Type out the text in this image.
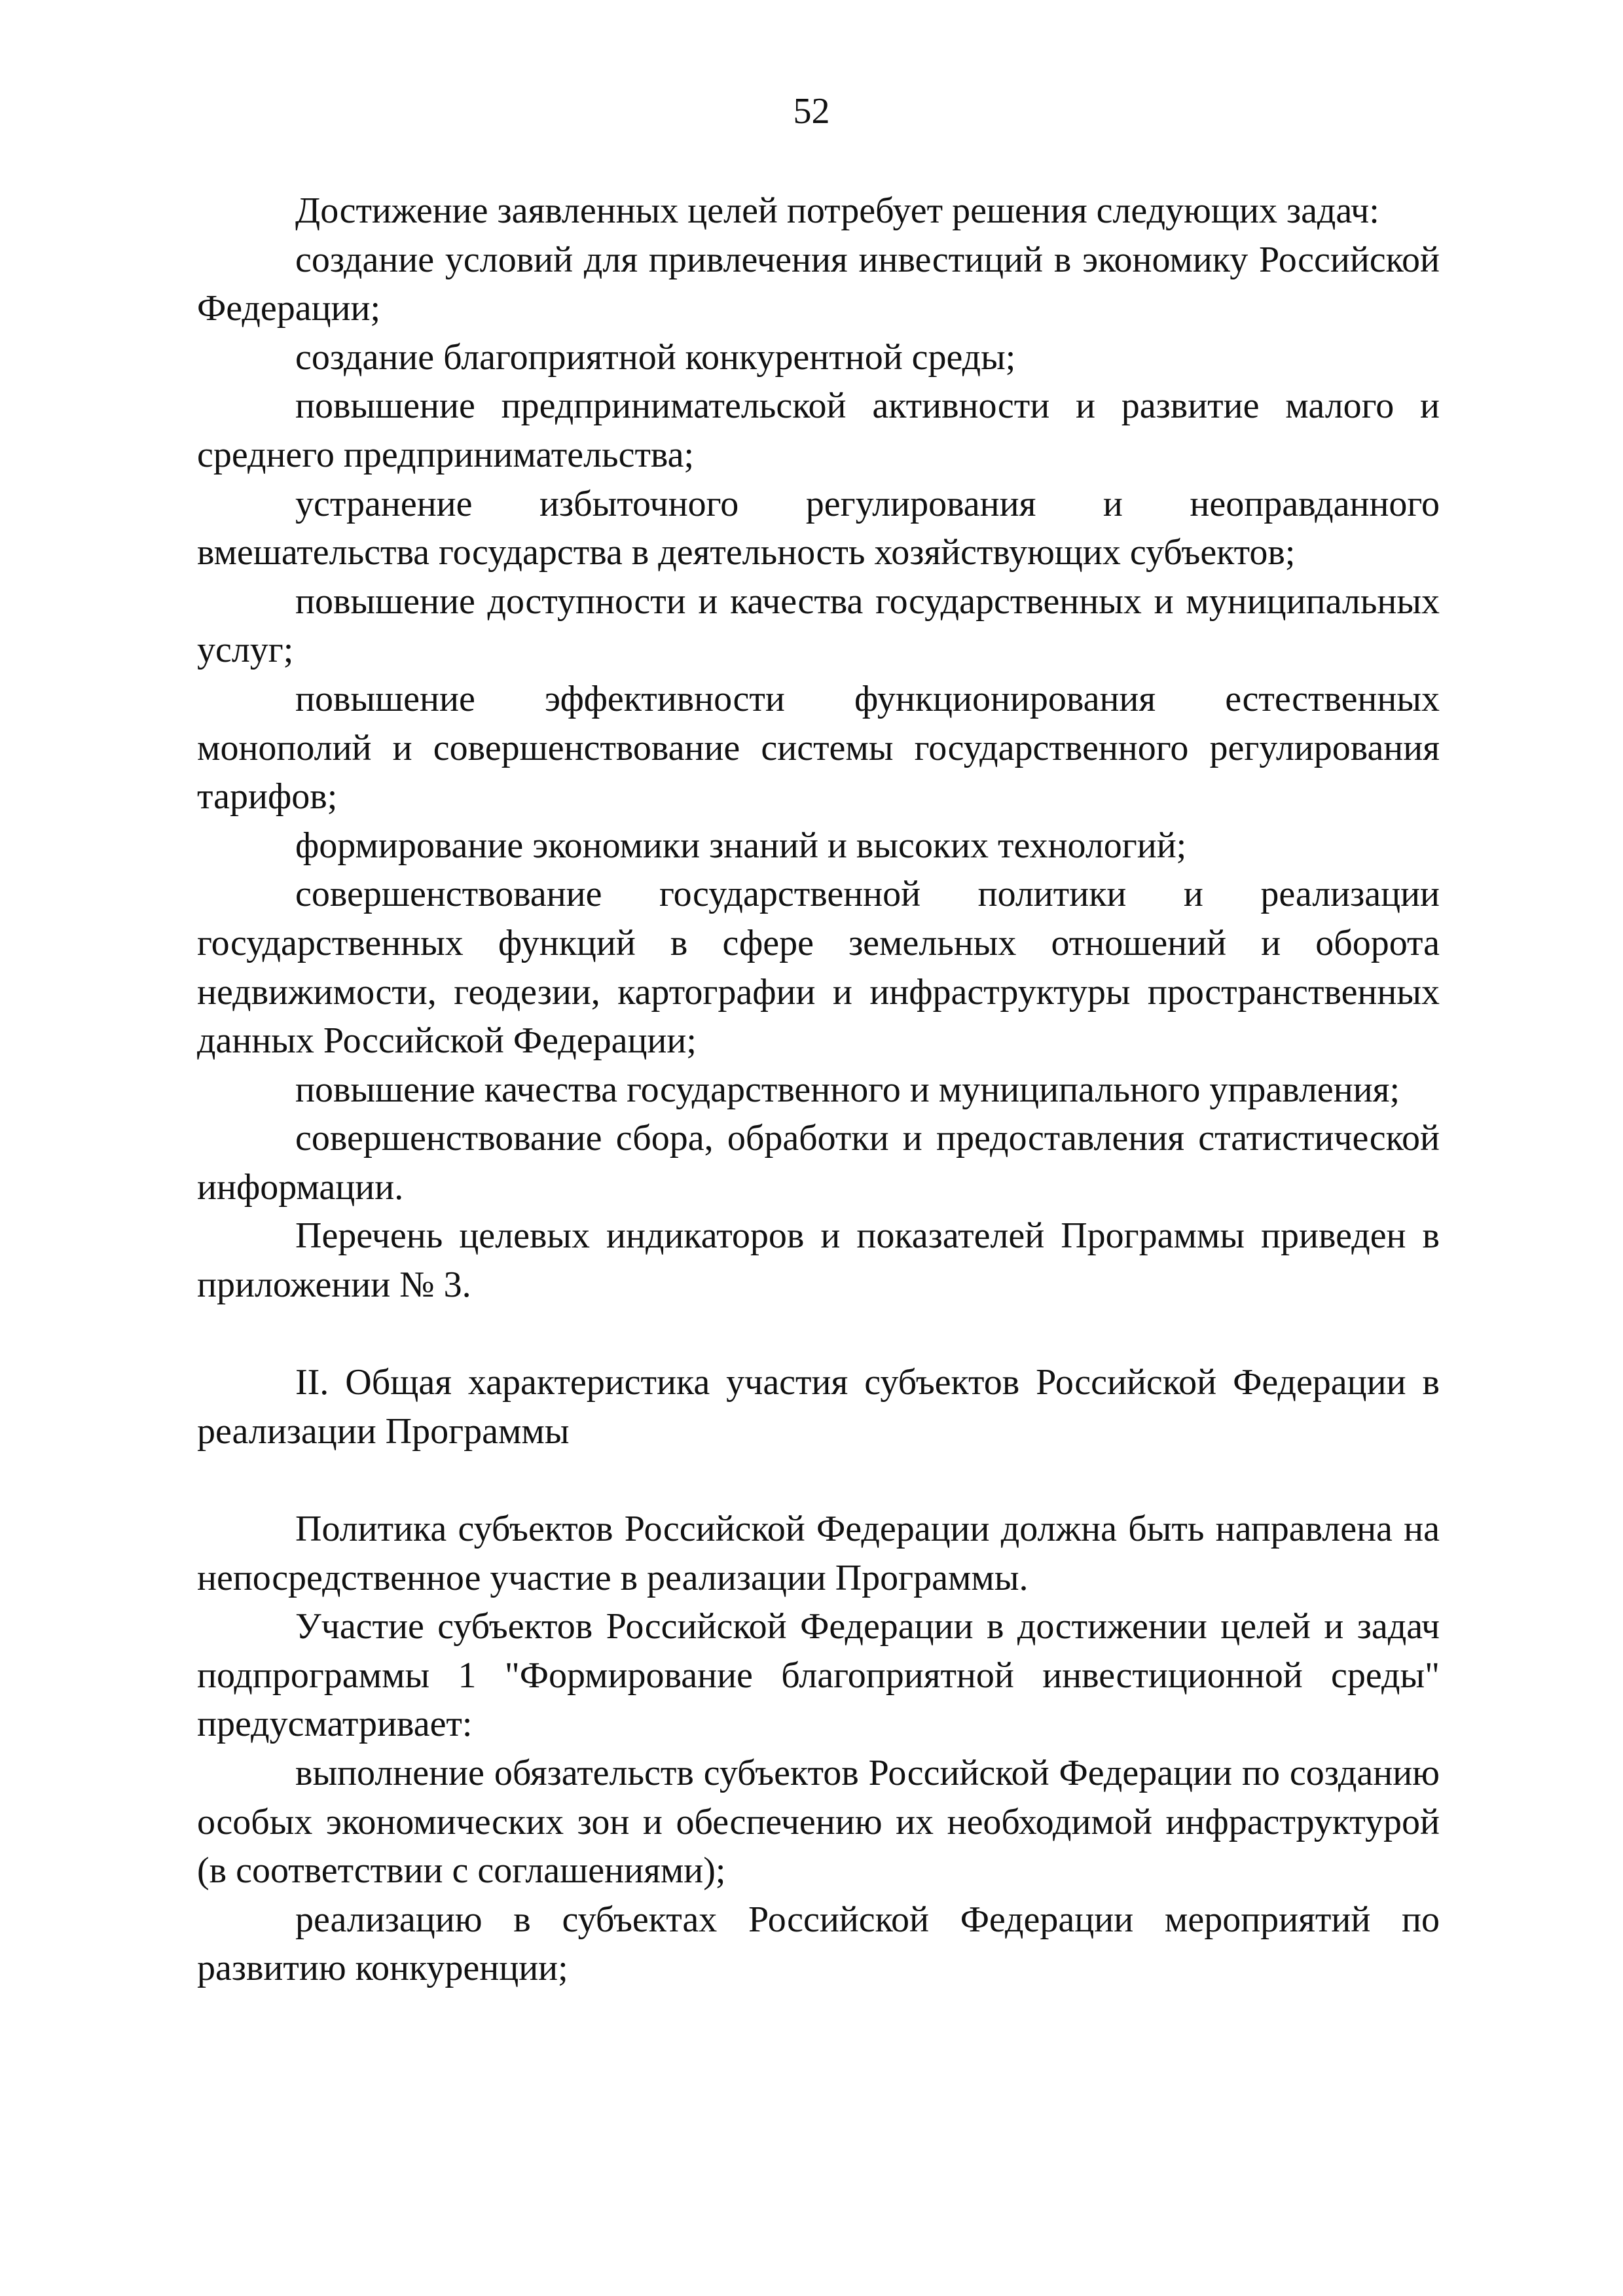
52

Достижение заявленных целей потребует решения следующих задач:

создание условий для привлечения инвестиций в экономику Российской Федерации;

создание благоприятной конкурентной среды;

повышение предпринимательской активности и развитие малого и среднего предпринимательства;

устранение избыточного регулирования и неоправданного вмешательства государства в деятельность хозяйствующих субъектов;

повышение доступности и качества государственных и муниципальных услуг;

повышение эффективности функционирования естественных монополий и совершенствование системы государственного регулирования тарифов;

формирование экономики знаний и высоких технологий;

совершенствование государственной политики и реализации государственных функций в сфере земельных отношений и оборота недвижимости, геодезии, картографии и инфраструктуры пространственных данных Российской Федерации;

повышение качества государственного и муниципального управления;

совершенствование сбора, обработки и предоставления статистической информации.

Перечень целевых индикаторов и показателей Программы приведен в приложении № 3.

II. Общая характеристика участия субъектов Российской Федерации в реализации Программы

Политика субъектов Российской Федерации должна быть направлена на непосредственное участие в реализации Программы.

Участие субъектов Российской Федерации в достижении целей и задач подпрограммы 1 "Формирование благоприятной инвестиционной среды" предусматривает:

выполнение обязательств субъектов Российской Федерации по созданию особых экономических зон и обеспечению их необходимой инфраструктурой (в соответствии с соглашениями);

реализацию в субъектах Российской Федерации мероприятий по развитию конкуренции;
